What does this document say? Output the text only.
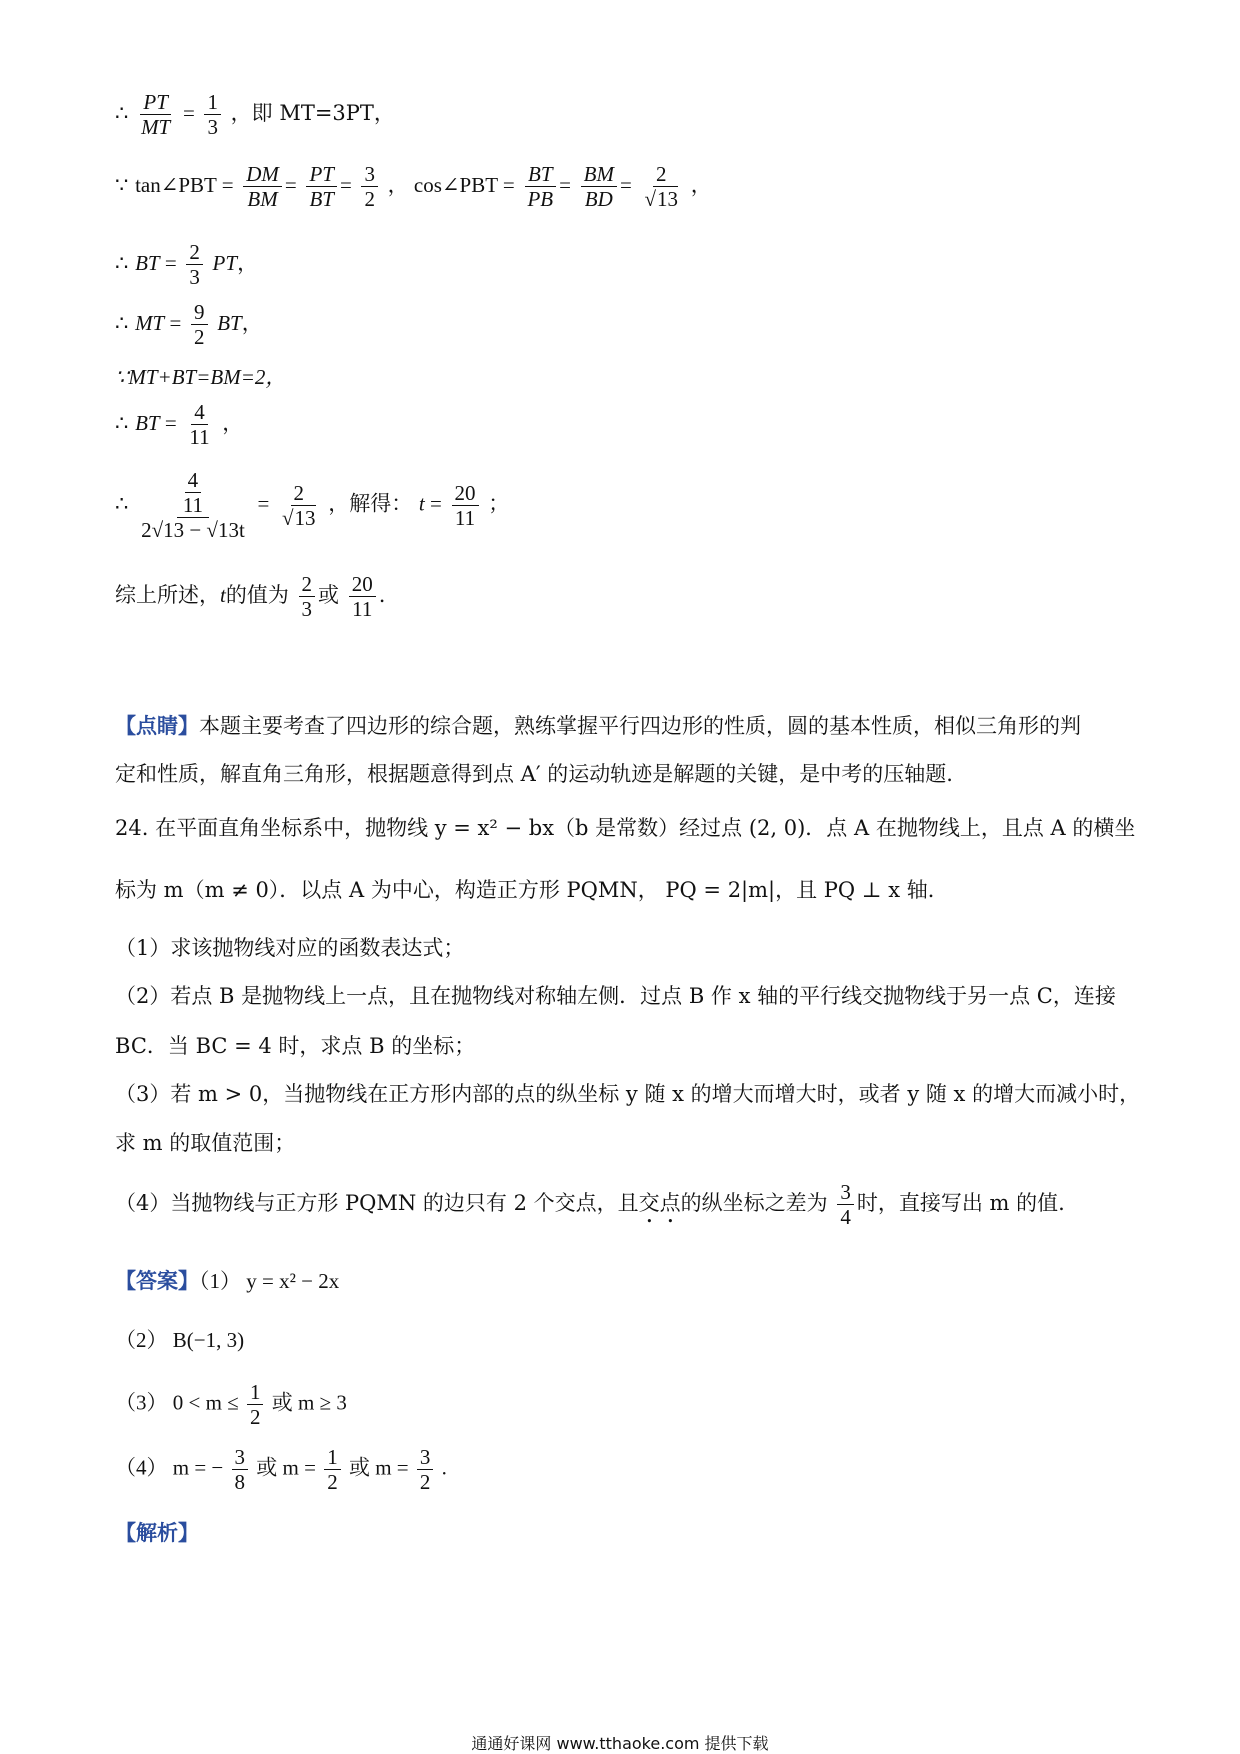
∴ $\frac{PT}{MT} = \frac{1}{3}$ ，即 MT=3PT，
∵ tan∠PBT = $\frac{DM}{BM} = \frac{PT}{BT} = \frac{3}{2}$ ， cos∠PBT = $\frac{BT}{PB} = \frac{BM}{BD} = \frac{2}{√13}$ ，
∴ BT = $\frac{2}{3}$ PT，
∴ MT = $\frac{9}{2}$ BT，
∵MT+BT=BM=2，
∴ BT = $\frac{4}{11}$ ，
∴ $\frac{\frac{4}{11}}{2√13 - √13t} = \frac{2}{√13}$ ，解得： $t = \frac{20}{11}$ ；
综上所述，t的值为 $\frac{2}{3}$ 或 $\frac{20}{11}$ .
【点睛】本题主要考查了四边形的综合题，熟练掌握平行四边形的性质，圆的基本性质，相似三角形的判
定和性质，解直角三角形，根据题意得到点 A′ 的运动轨迹是解题的关键，是中考的压轴题.
24. 在平面直角坐标系中，抛物线 y = x² − bx（b 是常数）经过点 (2, 0)．点 A 在抛物线上，且点 A 的横坐
标为 m（m ≠ 0）．以点 A 为中心，构造正方形 PQMN， PQ = 2|m|，且 PQ ⊥ x 轴．
（1）求该抛物线对应的函数表达式；
（2）若点 B 是抛物线上一点，且在抛物线对称轴左侧．过点 B 作 x 轴的平行线交抛物线于另一点 C，连接
BC．当 BC = 4 时，求点 B 的坐标；
（3）若 m > 0，当抛物线在正方形内部的点的纵坐标 y 随 x 的增大而增大时，或者 y 随 x 的增大而减小时，
求 m 的取值范围；
（4）当抛物线与正方形 PQMN 的边只有 2 个交点，且交点的纵坐标之差为 $\frac{3}{4}$ 时，直接写出 m 的值.
【答案】（1） y = x² − 2x
（2） B(−1, 3)
（3） $0 < m \le \frac{1}{2}$ 或 m ≥ 3
（4） m = − $\frac{3}{8}$ 或 $m = \frac{1}{2}$ 或 $m = \frac{3}{2}$ .
【解析】
通通好课网 www.tthaoke.com 提供下载
